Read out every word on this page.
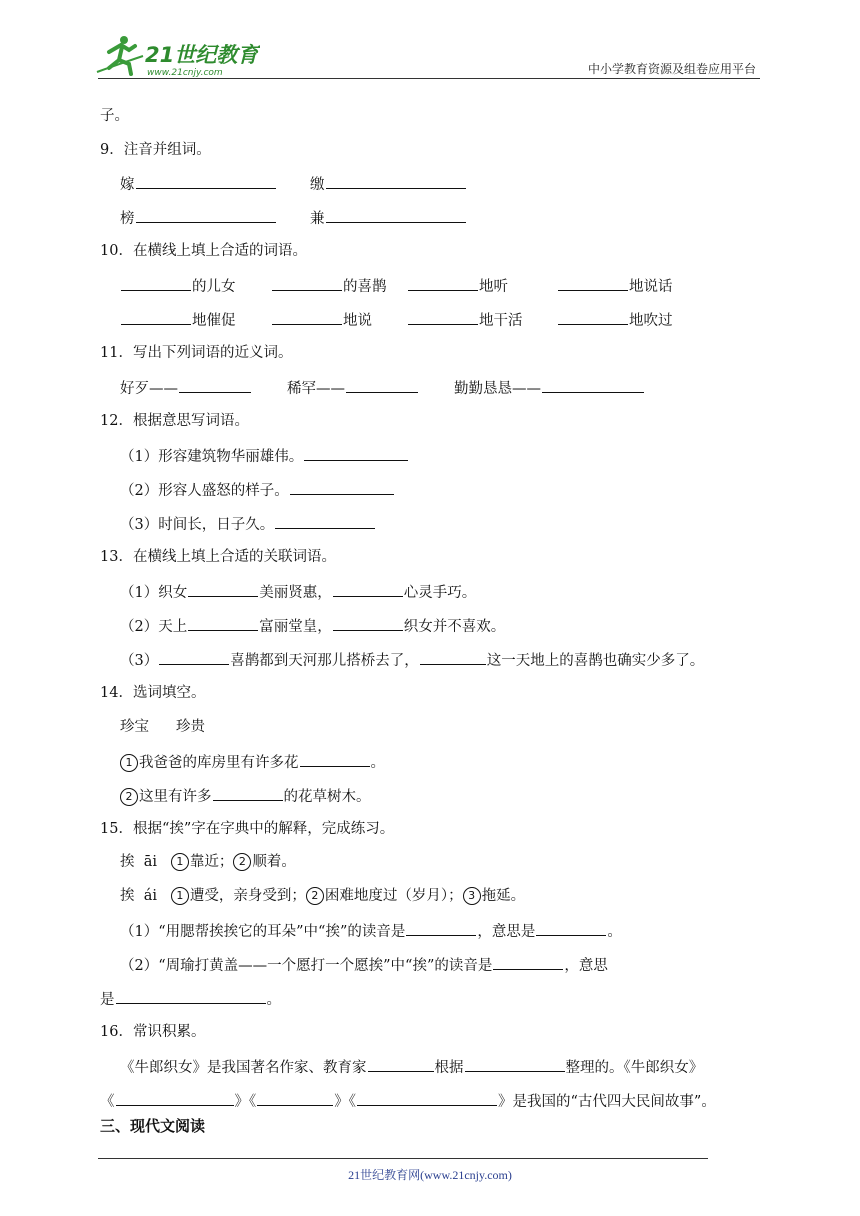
21世纪教育
www.21cnjy.com	中小学教育资源及组卷应用平台
子。
9．注音并组词。
嫁	缴
榜	兼
10．在横线上填上合适的词语。
的儿女	的喜鹊	地听	地说话
地催促	地说	地干活	地吹过
11．写出下列词语的近义词。
好歹——	稀罕——	勤勤恳恳——
12．根据意思写词语。
（1）形容建筑物华丽雄伟。
（2）形容人盛怒的样子。
（3）时间长，日子久。
13．在横线上填上合适的关联词语。
（1）织女	美丽贤惠，	心灵手巧。
（2）天上	富丽堂皇，	织女并不喜欢。
（3）	喜鹊都到天河那儿搭桥去了，	这一天地上的喜鹊也确实少多了。
14．选词填空。
珍宝 珍贵
1 我爸爸的库房里有许多花	。
2 这里有许多	的花草树木。
15．根据“挨”字在字典中的解释，完成练习。
挨 āi 1 靠近； 2 顺着。
挨 ái 1 遭受，亲身受到； 2 困难地度过（岁月）； 3 拖延。
（1）“用腮帮挨挨它的耳朵”中“挨”的读音是	，意思是	。
（2）“周瑜打黄盖——一个愿打一个愿挨”中“挨”的读音是	，意思
是	。
16．常识积累。
《牛郎织女》是我国著名作家、教育家	根据	整理的。《牛郎织女》
《	》《	》《	》是我国的“古代四大民间故事”。
三、现代文阅读
21世纪教育网(www.21cnjy.com)
